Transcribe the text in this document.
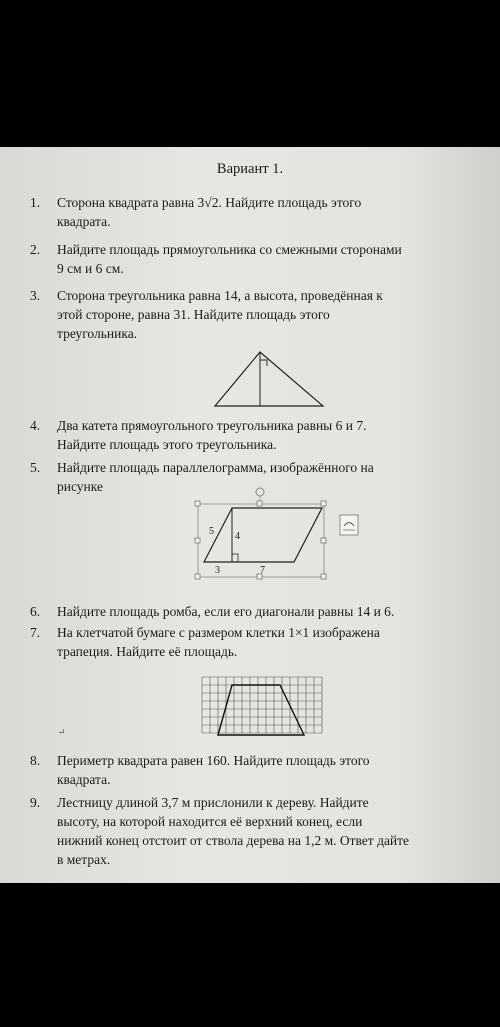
Вариант 1.
1.	Сторона квадрата равна 3√2. Найдите площадь этого
квадрата.
2.	Найдите площадь прямоугольника со смежными сторонами
9 см и 6 см.
3.	Сторона треугольника равна 14, а высота, проведённая к
этой стороне, равна 31. Найдите площадь этого
треугольника.
4.	Два катета прямоугольного треугольника равны 6 и 7.
Найдите площадь этого треугольника.
5.	Найдите площадь параллелограмма, изображённого на
рисунке
5 4
3	7
6.	Найдите площадь ромба, если его диагонали равны 14 и 6.
7.	На клетчатой бумаге с размером клетки 1×1 изображена
трапеция. Найдите её площадь.
↵
8.	Периметр квадрата равен 160. Найдите площадь этого
квадрата.
9.	Лестницу длиной 3,7 м прислонили к дереву. Найдите
высоту, на которой находится её верхний конец, если
нижний конец отстоит от ствола дерева на 1,2 м. Ответ дайте
в метрах.
